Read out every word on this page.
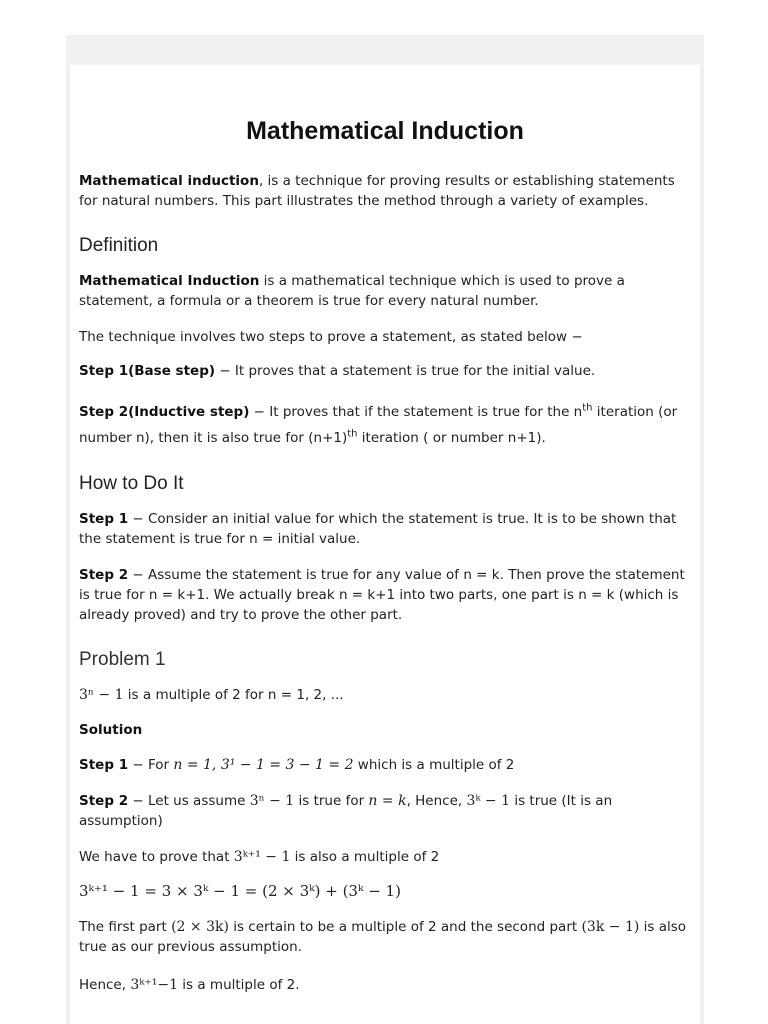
Mathematical Induction

Mathematical induction, is a technique for proving results or establishing statements for natural numbers. This part illustrates the method through a variety of examples.

Definition

Mathematical Induction is a mathematical technique which is used to prove a statement, a formula or a theorem is true for every natural number.

The technique involves two steps to prove a statement, as stated below −

Step 1(Base step) − It proves that a statement is true for the initial value.

Step 2(Inductive step) − It proves that if the statement is true for the $n^{th}$ iteration (or number n), then it is also true for $(n+1)^{th}$ iteration ( or number n+1).

How to Do It

Step 1 − Consider an initial value for which the statement is true. It is to be shown that the statement is true for n = initial value.

Step 2 − Assume the statement is true for any value of n = k. Then prove the statement is true for n = k+1. We actually break n = k+1 into two parts, one part is n = k (which is already proved) and try to prove the other part.

Problem 1

3ⁿ − 1 is a multiple of 2 for n = 1, 2, ...

Solution

Step 1 − For n = 1, 3¹ − 1 = 3 − 1 = 2 which is a multiple of 2

Step 2 − Let us assume 3ⁿ − 1 is true for n = k, Hence, 3ᵏ − 1 is true (It is an assumption)

We have to prove that 3ᵏ⁺¹ − 1 is also a multiple of 2

3ᵏ⁺¹ − 1 = 3 × 3ᵏ − 1 = (2 × 3ᵏ) + (3ᵏ − 1)

The first part (2 × 3k) is certain to be a multiple of 2 and the second part (3k − 1) is also true as our previous assumption.

Hence, 3ᵏ⁺¹−1 is a multiple of 2.
